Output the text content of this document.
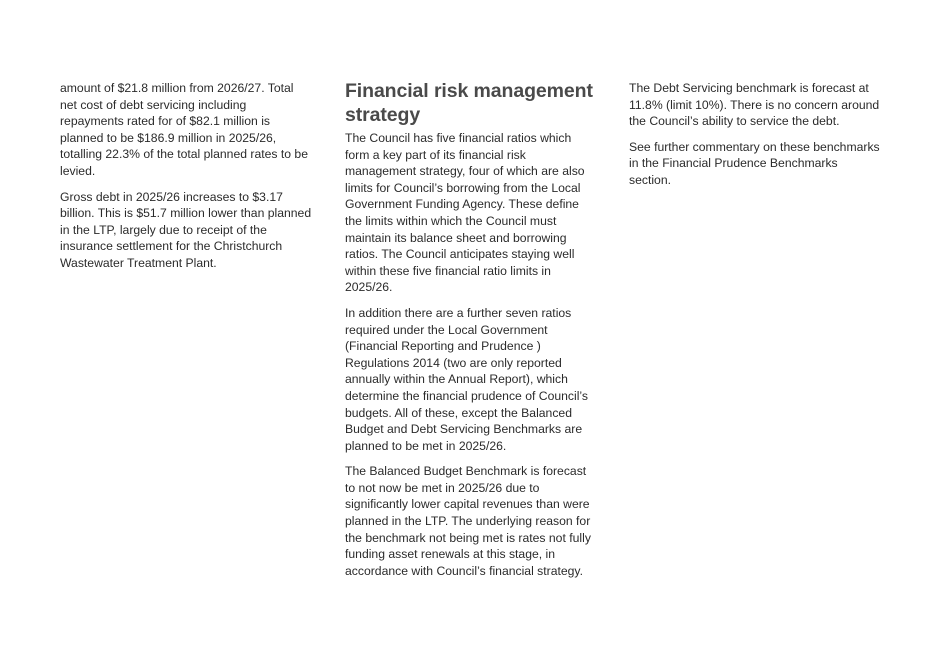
amount of $21.8 million from 2026/27. Total net cost of debt servicing including repayments rated for of $82.1 million is planned to be $186.9 million in 2025/26, totalling 22.3% of the total planned rates to be levied.

Gross debt in 2025/26 increases to $3.17 billion. This is $51.7 million lower than planned in the LTP, largely due to receipt of the insurance settlement for the Christchurch Wastewater Treatment Plant.

Financial risk management strategy

The Council has five financial ratios which form a key part of its financial risk management strategy, four of which are also limits for Council’s borrowing from the Local Government Funding Agency. These define the limits within which the Council must maintain its balance sheet and borrowing ratios. The Council anticipates staying well within these five financial ratio limits in 2025/26.

In addition there are a further seven ratios required under the Local Government (Financial Reporting and Prudence ) Regulations 2014 (two are only reported annually within the Annual Report), which determine the financial prudence of Council’s budgets. All of these, except the Balanced Budget and Debt Servicing Benchmarks are planned to be met in 2025/26.

The Balanced Budget Benchmark is forecast to not now be met in 2025/26 due to significantly lower capital revenues than were planned in the LTP. The underlying reason for the benchmark not being met is rates not fully funding asset renewals at this stage, in accordance with Council’s financial strategy.

The Debt Servicing benchmark is forecast at 11.8% (limit 10%). There is no concern around the Council’s ability to service the debt.

See further commentary on these benchmarks in the Financial Prudence Benchmarks section.
